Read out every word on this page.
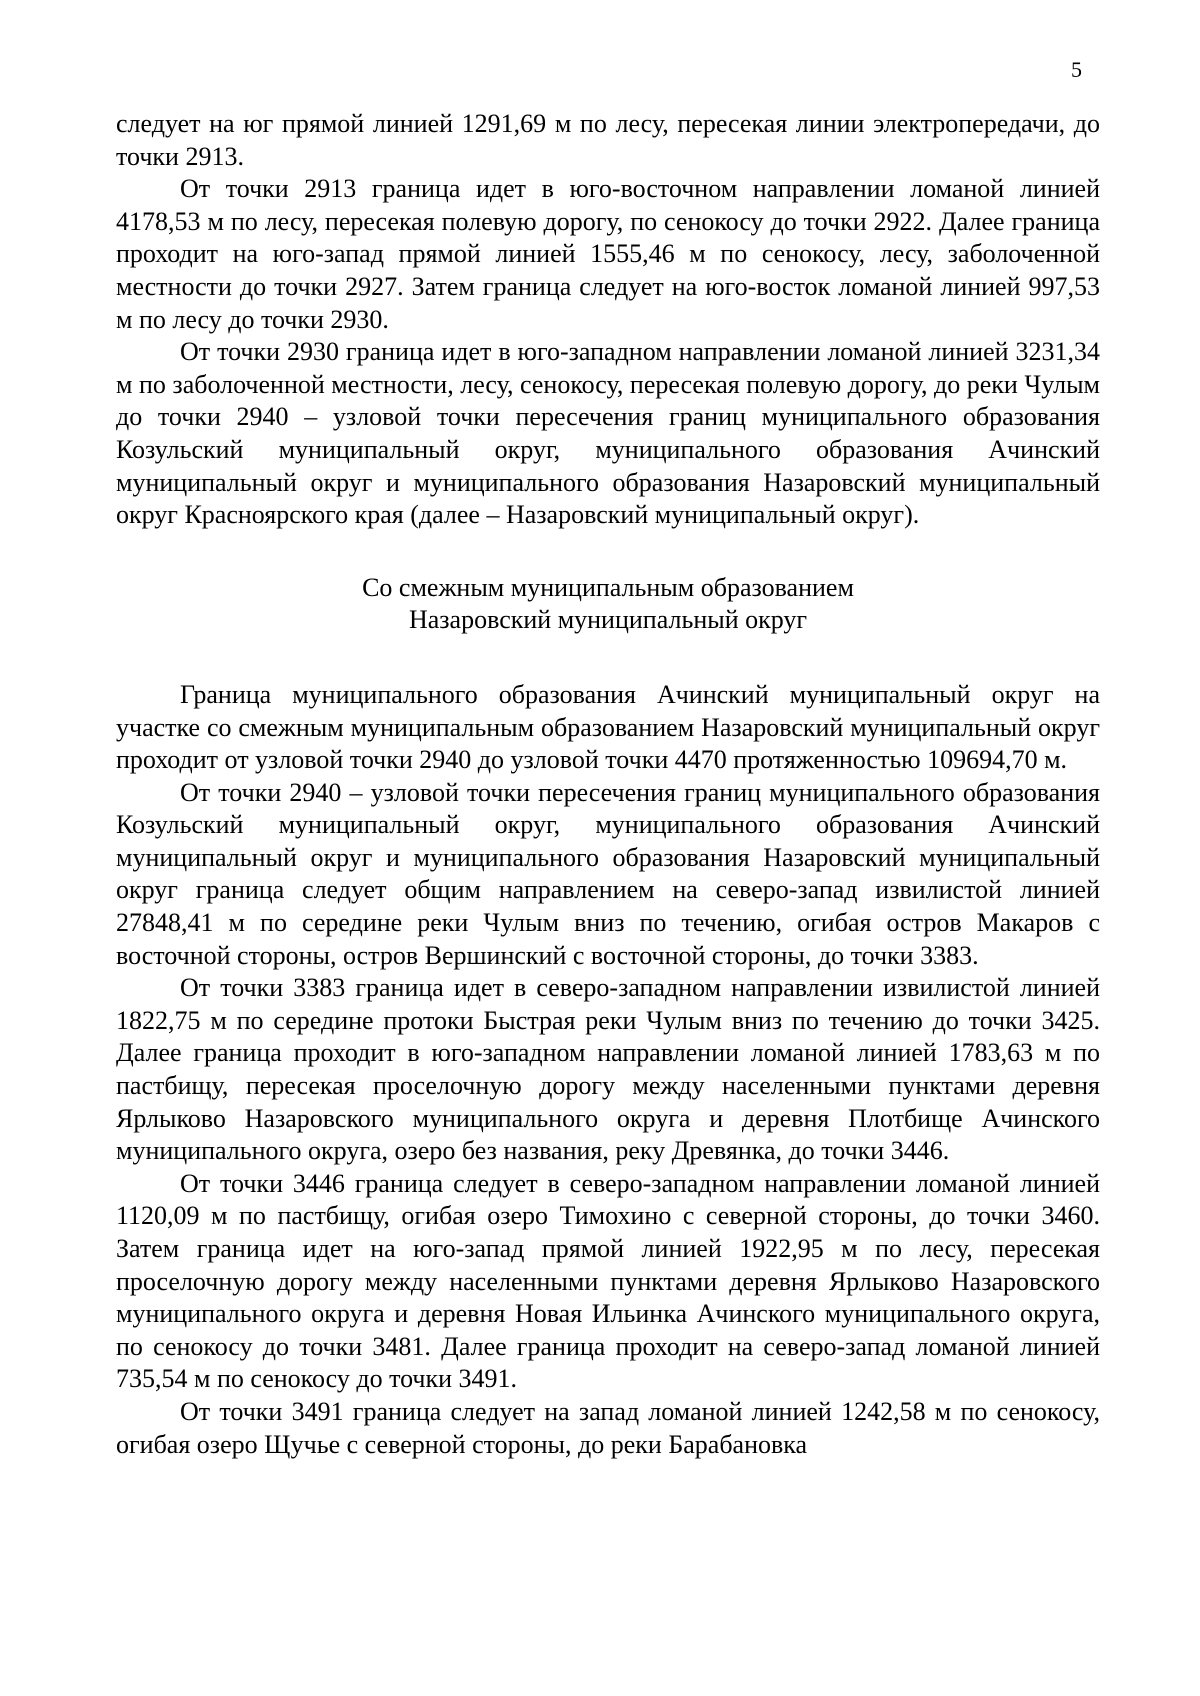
5

следует на юг прямой линией 1291,69 м по лесу, пересекая линии электропередачи, до точки 2913.

От точки 2913 граница идет в юго-восточном направлении ломаной линией 4178,53 м по лесу, пересекая полевую дорогу, по сенокосу до точки 2922. Далее граница проходит на юго-запад прямой линией 1555,46 м по сенокосу, лесу, заболоченной местности до точки 2927. Затем граница следует на юго-восток ломаной линией 997,53 м по лесу до точки 2930.

От точки 2930 граница идет в юго-западном направлении ломаной линией 3231,34 м по заболоченной местности, лесу, сенокосу, пересекая полевую дорогу, до реки Чулым до точки 2940 – узловой точки пересечения границ муниципального образования Козульский муниципальный округ, муниципального образования Ачинский муниципальный округ и муниципального образования Назаровский муниципальный округ Красноярского края (далее – Назаровский муниципальный округ).

Со смежным муниципальным образованием
Назаровский муниципальный округ

Граница муниципального образования Ачинский муниципальный округ на участке со смежным муниципальным образованием Назаровский муниципальный округ проходит от узловой точки 2940 до узловой точки 4470 протяженностью 109694,70 м.

От точки 2940 – узловой точки пересечения границ муниципального образования Козульский муниципальный округ, муниципального образования Ачинский муниципальный округ и муниципального образования Назаровский муниципальный округ граница следует общим направлением на северо-запад извилистой линией 27848,41 м по середине реки Чулым вниз по течению, огибая остров Макаров с восточной стороны, остров Вершинский с восточной стороны, до точки 3383.

От точки 3383 граница идет в северо-западном направлении извилистой линией 1822,75 м по середине протоки Быстрая реки Чулым вниз по течению до точки 3425. Далее граница проходит в юго-западном направлении ломаной линией 1783,63 м по пастбищу, пересекая проселочную дорогу между населенными пунктами деревня Ярлыково Назаровского муниципального округа и деревня Плотбище Ачинского муниципального округа, озеро без названия, реку Древянка, до точки 3446.

От точки 3446 граница следует в северо-западном направлении ломаной линией 1120,09 м по пастбищу, огибая озеро Тимохино с северной стороны, до точки 3460. Затем граница идет на юго-запад прямой линией 1922,95 м по лесу, пересекая проселочную дорогу между населенными пунктами деревня Ярлыково Назаровского муниципального округа и деревня Новая Ильинка Ачинского муниципального округа, по сенокосу до точки 3481. Далее граница проходит на северо-запад ломаной линией 735,54 м по сенокосу до точки 3491.

От точки 3491 граница следует на запад ломаной линией 1242,58 м по сенокосу, огибая озеро Щучье с северной стороны, до реки Барабановка
